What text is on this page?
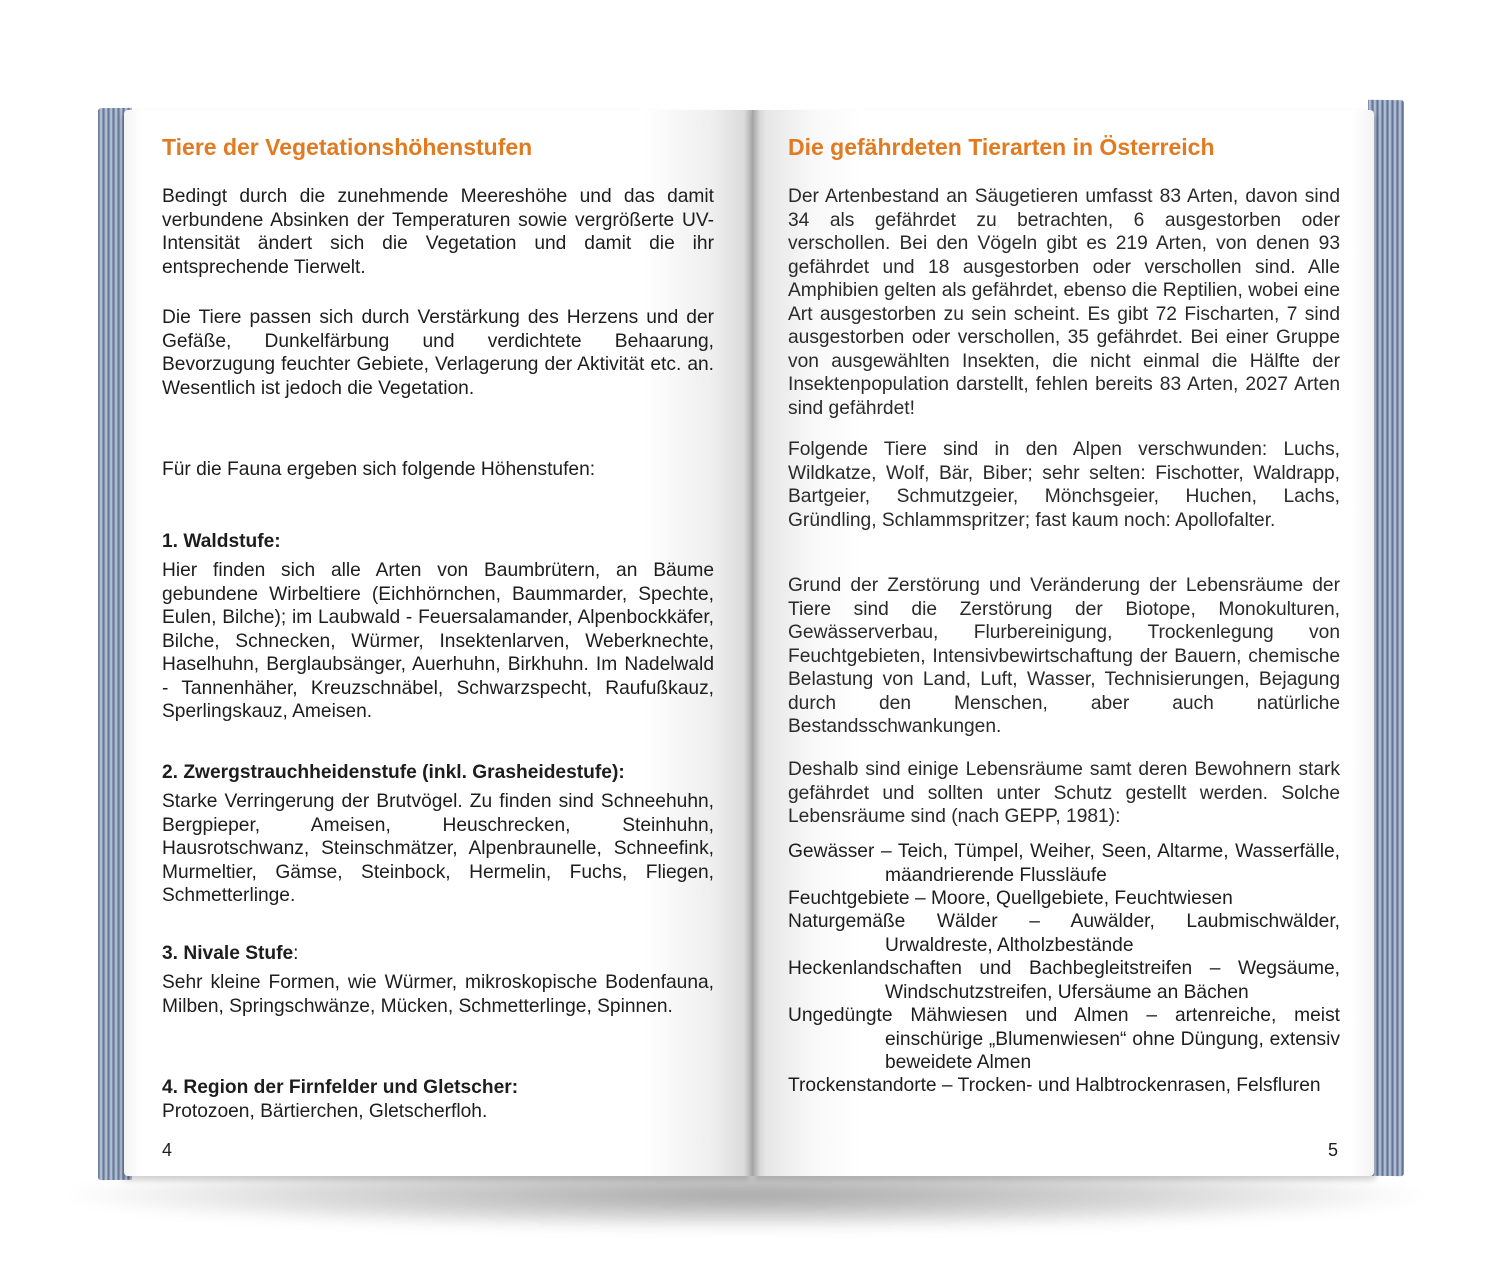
Tiere der Vegetationshöhenstufen

Bedingt durch die zunehmende Meereshöhe und das damit verbundene Absinken der Temperaturen sowie vergrößerte UV-Intensität ändert sich die Vegetation und damit die ihr entsprechende Tierwelt.

Die Tiere passen sich durch Verstärkung des Herzens und der Gefäße, Dunkelfärbung und verdichtete Behaarung, Bevorzugung feuchter Gebiete, Verlagerung der Aktivität etc. an. Wesentlich ist jedoch die Vegetation.

Für die Fauna ergeben sich folgende Höhenstufen:

1. Waldstufe:

Hier finden sich alle Arten von Baumbrütern, an Bäume gebundene Wirbeltiere (Eichhörnchen, Baummarder, Spechte, Eulen, Bilche); im Laubwald - Feuersalamander, Alpenbockkäfer, Bilche, Schnecken, Würmer, Insektenlarven, Weberknechte, Haselhuhn, Berglaubsänger, Auerhuhn, Birkhuhn. Im Nadelwald - Tannenhäher, Kreuzschnäbel, Schwarzspecht, Raufußkauz, Sperlingskauz, Ameisen.

2. Zwergstrauchheidenstufe (inkl. Grasheidestufe):

Starke Verringerung der Brutvögel. Zu finden sind Schneehuhn, Bergpieper, Ameisen, Heuschrecken, Steinhuhn, Hausrotschwanz, Steinschmätzer, Alpenbraunelle, Schneefink, Murmeltier, Gämse, Steinbock, Hermelin, Fuchs, Fliegen, Schmetterlinge.

3. Nivale Stufe:

Sehr kleine Formen, wie Würmer, mikroskopische Bodenfauna, Milben, Springschwänze, Mücken, Schmetterlinge, Spinnen.

4. Region der Firnfelder und Gletscher:

Protozoen, Bärtierchen, Gletscherfloh.

4
Die gefährdeten Tierarten in Österreich

Der Artenbestand an Säugetieren umfasst 83 Arten, davon sind 34 als gefährdet zu betrachten, 6 ausgestorben oder verschollen. Bei den Vögeln gibt es 219 Arten, von denen 93 gefährdet und 18 ausgestorben oder verschollen sind. Alle Amphibien gelten als gefährdet, ebenso die Reptilien, wobei eine Art ausgestorben zu sein scheint. Es gibt 72 Fischarten, 7 sind ausgestorben oder verschollen, 35 gefährdet. Bei einer Gruppe von ausgewählten Insekten, die nicht einmal die Hälfte der Insektenpopulation darstellt, fehlen bereits 83 Arten, 2027 Arten sind gefährdet!

Folgende Tiere sind in den Alpen verschwunden: Luchs, Wildkatze, Wolf, Bär, Biber; sehr selten: Fischotter, Waldrapp, Bartgeier, Schmutzgeier, Mönchsgeier, Huchen, Lachs, Gründling, Schlammspritzer; fast kaum noch: Apollofalter.

Grund der Zerstörung und Veränderung der Lebensräume der Tiere sind die Zerstörung der Biotope, Monokulturen, Gewässerverbau, Flurbereinigung, Trockenlegung von Feuchtgebieten, Intensivbewirtschaftung der Bauern, chemische Belastung von Land, Luft, Wasser, Technisierungen, Bejagung durch den Menschen, aber auch natürliche Bestandsschwankungen.

Deshalb sind einige Lebensräume samt deren Bewohnern stark gefährdet und sollten unter Schutz gestellt werden. Solche Lebensräume sind (nach GEPP, 1981):

Gewässer – Teich, Tümpel, Weiher, Seen, Altarme, Wasserfälle, mäandrierende Flussläufe

Feuchtgebiete – Moore, Quellgebiete, Feuchtwiesen

Naturgemäße Wälder – Auwälder, Laubmischwälder, Urwaldreste, Altholzbestände

Heckenlandschaften und Bachbegleitstreifen – Wegsäume, Windschutzstreifen, Ufersäume an Bächen

Ungedüngte Mähwiesen und Almen – artenreiche, meist einschürige „Blumenwiesen“ ohne Düngung, extensiv beweidete Almen

Trockenstandorte – Trocken- und Halbtrockenrasen, Felsfluren

5
